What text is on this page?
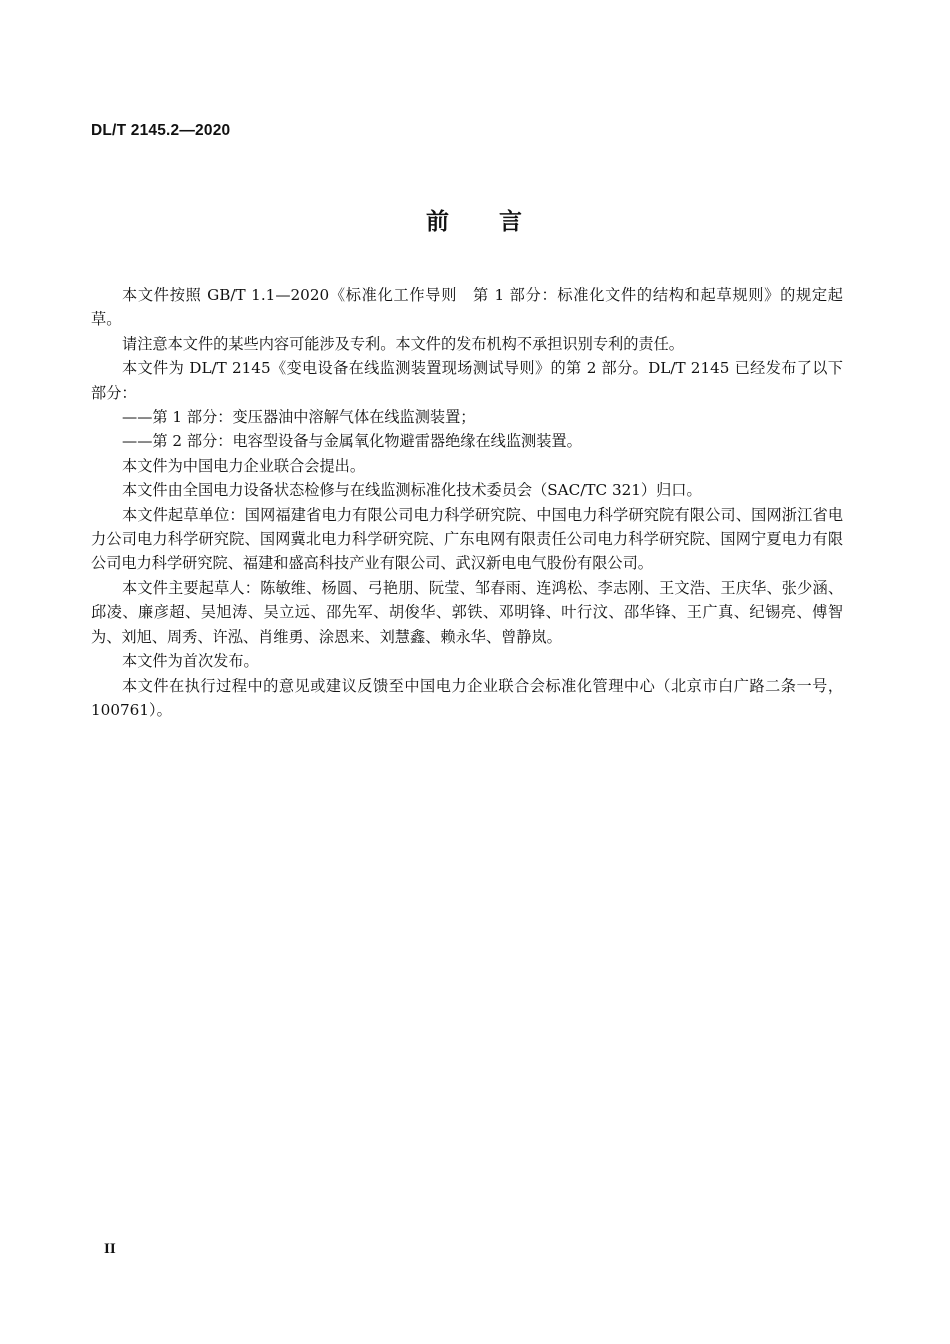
DL/T 2145.2—2020
前 言

本文件按照 GB/T 1.1—2020《标准化工作导则　第 1 部分：标准化文件的结构和起草规则》的规定起草。

请注意本文件的某些内容可能涉及专利。本文件的发布机构不承担识别专利的责任。

本文件为 DL/T 2145《变电设备在线监测装置现场测试导则》的第 2 部分。DL/T 2145 已经发布了以下部分：

——第 1 部分：变压器油中溶解气体在线监测装置；

——第 2 部分：电容型设备与金属氧化物避雷器绝缘在线监测装置。

本文件为中国电力企业联合会提出。

本文件由全国电力设备状态检修与在线监测标准化技术委员会（SAC/TC 321）归口。

本文件起草单位：国网福建省电力有限公司电力科学研究院、中国电力科学研究院有限公司、国网浙江省电力公司电力科学研究院、国网冀北电力科学研究院、广东电网有限责任公司电力科学研究院、国网宁夏电力有限公司电力科学研究院、福建和盛高科技产业有限公司、武汉新电电气股份有限公司。

本文件主要起草人：陈敏维、杨圆、弓艳朋、阮莹、邹春雨、连鸿松、李志刚、王文浩、王庆华、张少涵、邱凌、廉彦超、吴旭涛、吴立远、邵先军、胡俊华、郭铁、邓明锋、叶行汶、邵华锋、王广真、纪锡亮、傅智为、刘旭、周秀、许泓、肖维勇、涂恩来、刘慧鑫、赖永华、曾静岚。

本文件为首次发布。

本文件在执行过程中的意见或建议反馈至中国电力企业联合会标准化管理中心（北京市白广路二条一号，100761）。

II
